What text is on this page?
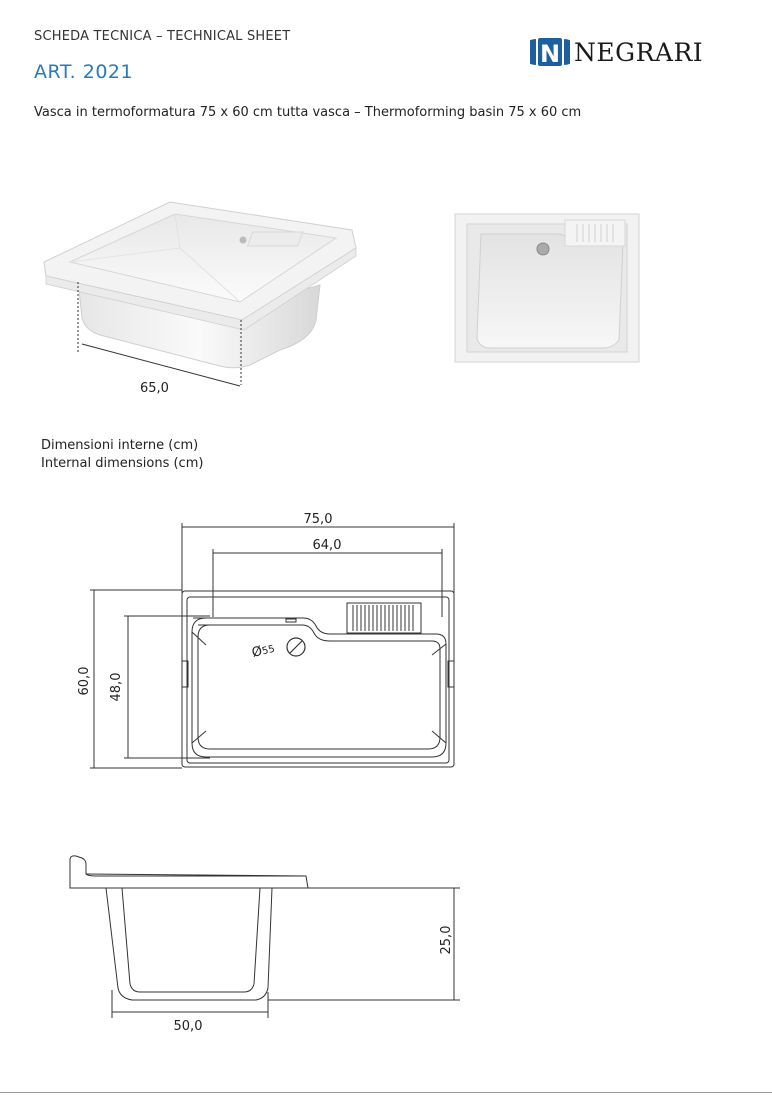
SCHEDA TECNICA – TECHNICAL SHEET
ART. 2021
Vasca in termoformatura 75 x 60 cm tutta vasca – Thermoforming basin 75 x 60 cm
N NEGRARI
65,0
Dimensioni interne (cm)
Internal dimensions (cm)
Ø55
75,0
64,0
60,0 48,0
25,0
50,0
